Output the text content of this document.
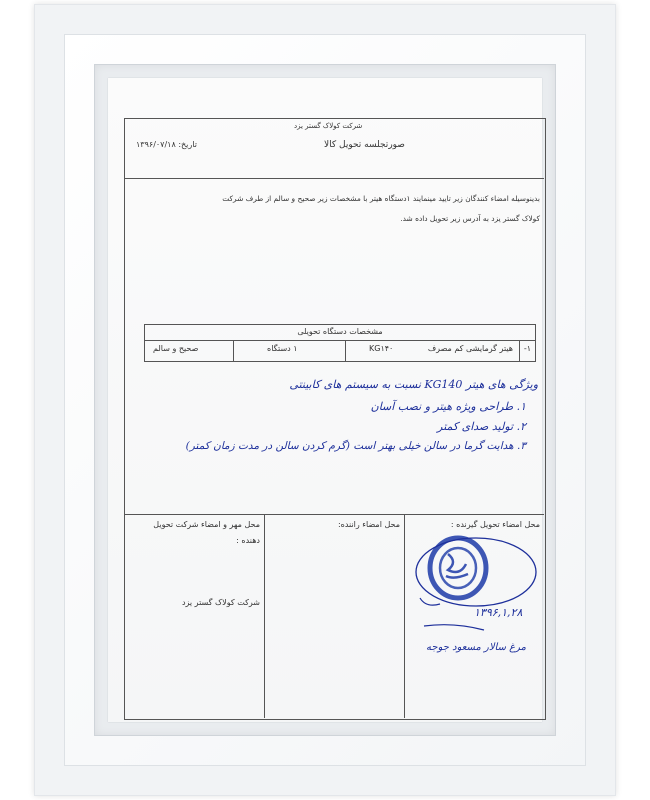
شرکت کولاک گستر یزد
صورتجلسه تحویل کالا
تاریخ: ۱۳۹۶/۰۷/۱۸
بدینوسیله امضاء کنندگان زیر تایید مینمایند ۱دستگاه هیتر با مشخصات زیر صحیح و سالم از طرف شرکت
کولاک گستر یزد به آدرس زیر تحویل داده شد.
مشخصات دستگاه تحویلی
۱-
هیتر گرمایشی کم مصرف
KG۱۴۰
۱ دستگاه
صحیح و سالم
ویژگی های هیتر KG140 نسبت به سیستم های کابینتی
۱. طراحی ویژه هیتر و نصب آسان
۲. تولید صدای کمتر
۳. هدایت گرما در سالن خیلی بهتر است (گرم کردن سالن در مدت زمان کمتر)
محل امضاء تحویل گیرنده :
محل امضاء راننده:
محل مهر و امضاء شرکت تحویل
دهنده :
شرکت کولاک گستر یزد
۱۳۹۶,۱,۲۸
مرغ سالار مسعود جوجه
